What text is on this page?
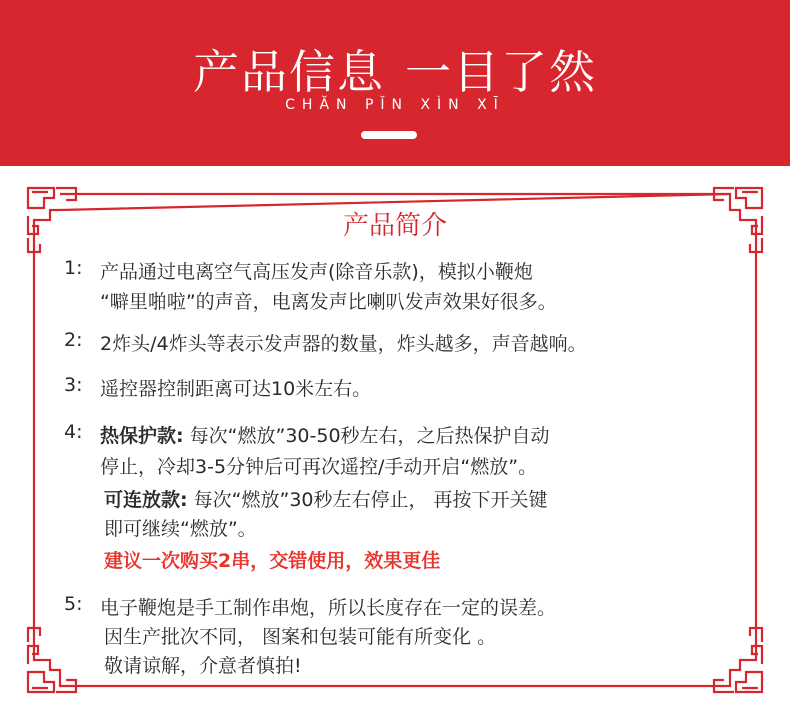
产品信息 一目了然
CHĂN PĬN XÌN XĪ
产品简介
1: 产品通过电离空气高压发声(除音乐款)，模拟小鞭炮
“噼里啪啦”的声音，电离发声比喇叭发声效果好很多。
2: 2炸头/4炸头等表示发声器的数量，炸头越多，声音越响。
3: 遥控器控制距离可达10米左右。
4: 热保护款: 每次“燃放”30-50秒左右，之后热保护自动
停止，冷却3-5分钟后可再次遥控/手动开启“燃放”。
可连放款: 每次“燃放”30秒左右停止， 再按下开关键
即可继续“燃放”。
建议一次购买2串，交错使用，效果更佳
5: 电子鞭炮是手工制作串炮，所以长度存在一定的误差。
因生产批次不同， 图案和包装可能有所变化 。
敬请谅解，介意者慎拍!
